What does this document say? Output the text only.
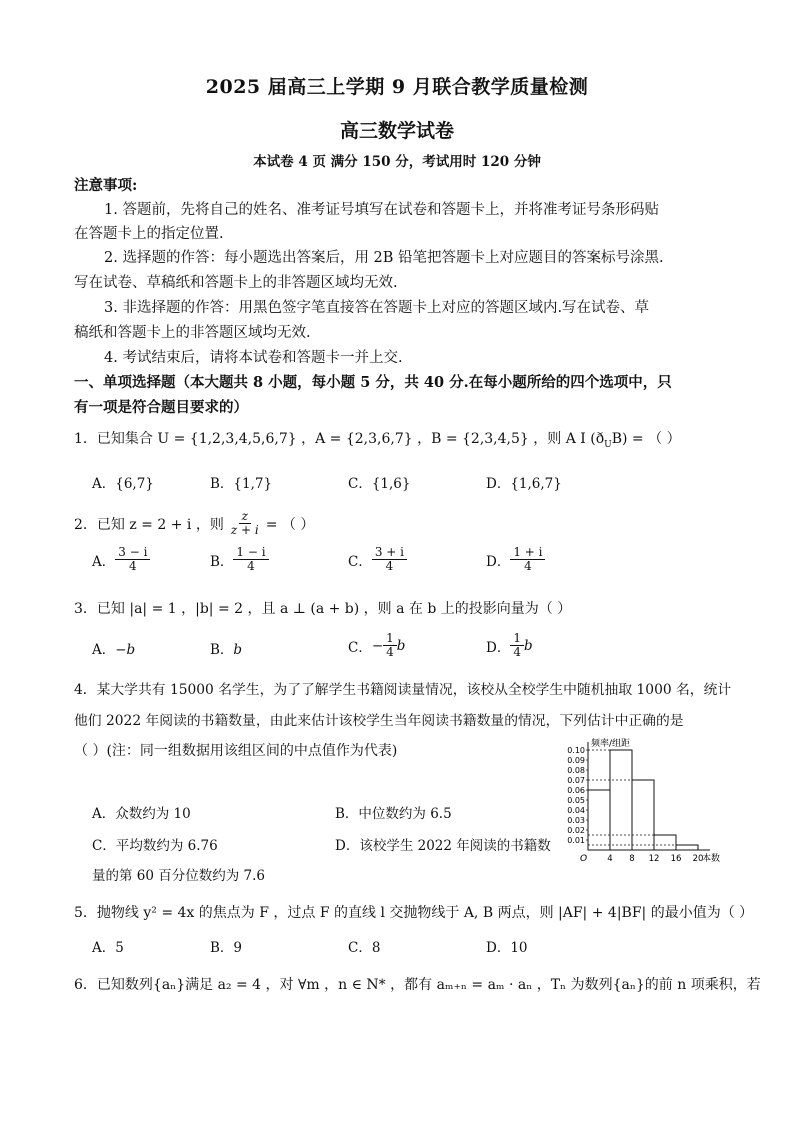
2025 届高三上学期 9 月联合教学质量检测
高三数学试卷
本试卷 4 页 满分 150 分，考试用时 120 分钟
注意事项:
1. 答题前，先将自己的姓名、准考证号填写在试卷和答题卡上，并将准考证号条形码贴
在答题卡上的指定位置.
2. 选择题的作答：每小题选出答案后，用 2B 铅笔把答题卡上对应题目的答案标号涂黑.
写在试卷、草稿纸和答题卡上的非答题区域均无效.
3. 非选择题的作答：用黑色签字笔直接答在答题卡上对应的答题区域内.写在试卷、草
稿纸和答题卡上的非答题区域均无效.
4. 考试结束后，请将本试卷和答题卡一并上交.
一、单项选择题（本大题共 8 小题，每小题 5 分，共 40 分.在每小题所给的四个选项中，只
有一项是符合题目要求的）
1．已知集合 U = {1,2,3,4,5,6,7} ，A = {2,3,6,7} ，B = {2,3,4,5} ，则 A I $(ð_UB)$ = （ ）
A．{6,7}	B．{1,7}	C．{1,6}	D．{1,6,7}
2．已知 z = 2 + i ，则 $\frac{z}{z + i}$ = （ ）
A． $\frac{3 - i}{4}$	B． $\frac{1 - i}{4}$	C． $\frac{3 + i}{4}$	D． $\frac{1 + i}{4}$
3．已知 |a| = 1 ，|b| = 2 ，且 a ⊥ (a + b) ，则 a 在 b 上的投影向量为（ ）
A．−b	B．b	C． − $\frac{1}{4}$ b	D． $\frac{1}{4}$ b
4．某大学共有 15000 名学生，为了了解学生书籍阅读量情况，该校从全校学生中随机抽取 1000 名，统计
他们 2022 年阅读的书籍数量，由此来估计该校学生当年阅读书籍数量的情况，下列估计中正确的是
（ ）(注：同一组数据用该组区间的中点值作为代表)
A．众数约为 10	B．中位数约为 6.5
C．平均数约为 6.76	D．该校学生 2022 年阅读的书籍数
量的第 60 百分位数约为 7.6
0.01
0.02
0.03
0.04
0.05
0.06
0.07
0.08
0.09
0.10
4 8 12 16 20
O
频率/组距
本数
5．抛物线 y² = 4x 的焦点为 F ，过点 F 的直线 l 交抛物线于 A, B 两点，则 |AF| + 4|BF| 的最小值为（ ）
A．5	B．9	C．8	D．10
6．已知数列{aₙ}满足 a₂ = 4 ，对 ∀m ，n ∈ N* ，都有 aₘ₊ₙ = aₘ · aₙ ，Tₙ 为数列{aₙ}的前 n 项乘积，若
